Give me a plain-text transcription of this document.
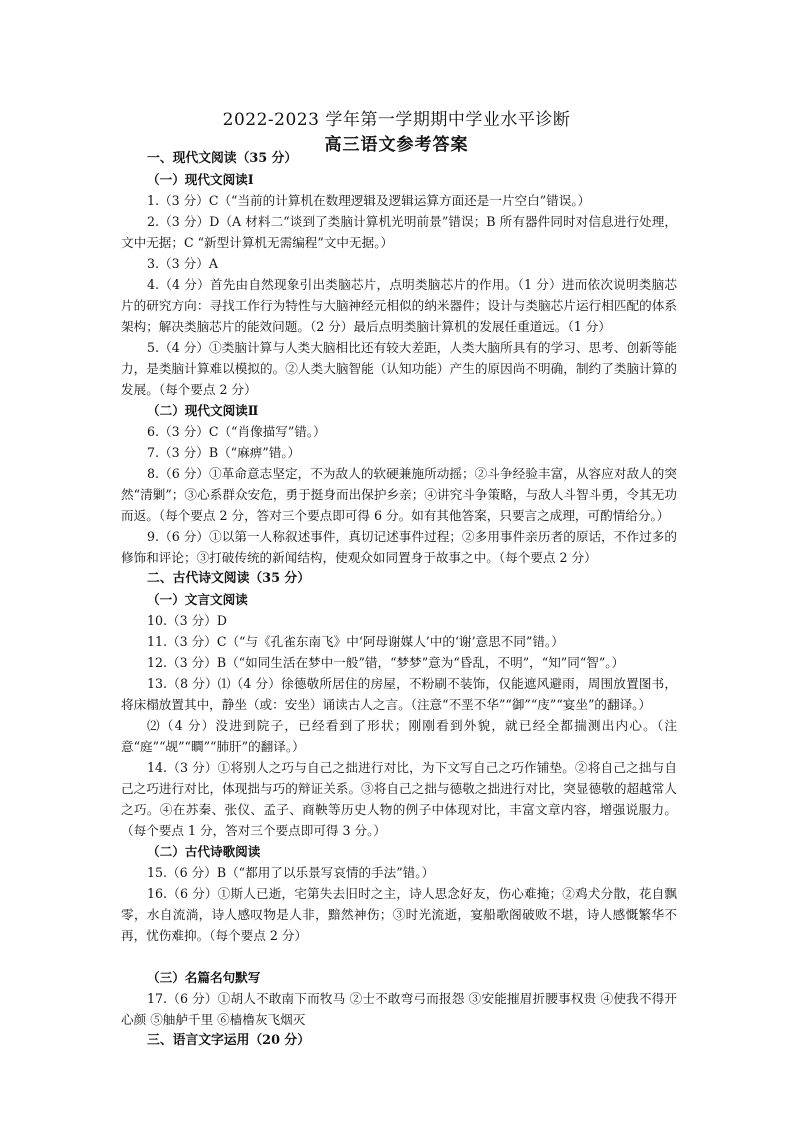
2022-2023 学年第一学期期中学业水平诊断
高三语文参考答案
一、现代文阅读（35 分）
（一）现代文阅读Ⅰ

1.（3 分）C（“当前的计算机在数理逻辑及逻辑运算方面还是一片空白”错误。）

2.（3 分）D（A 材料二“谈到了类脑计算机光明前景”错误；B 所有器件同时对信息进行处理，文中无据；C “新型计算机无需编程”文中无据。）

3.（3 分）A

4.（4 分）首先由自然现象引出类脑芯片，点明类脑芯片的作用。（1 分）进而依次说明类脑芯片的研究方向：寻找工作行为特性与大脑神经元相似的纳米器件；设计与类脑芯片运行相匹配的体系架构；解决类脑芯片的能效问题。（2 分）最后点明类脑计算机的发展任重道远。（1 分）

5.（4 分）①类脑计算与人类大脑相比还有较大差距，人类大脑所具有的学习、思考、创新等能力，是类脑计算难以模拟的。②人类大脑智能（认知功能）产生的原因尚不明确，制约了类脑计算的发展。（每个要点 2 分）

（二）现代文阅读Ⅱ

6.（3 分）C（“肖像描写”错。）

7.（3 分）B（“麻痹”错。）

8.（6 分）①革命意志坚定，不为敌人的软硬兼施所动摇；②斗争经验丰富，从容应对敌人的突然“清剿”；③心系群众安危，勇于挺身而出保护乡亲；④讲究斗争策略，与敌人斗智斗勇，令其无功而返。（每个要点 2 分，答对三个要点即可得 6 分。如有其他答案，只要言之成理，可酌情给分。）

9.（6 分）①以第一人称叙述事件，真切记述事件过程；②多用事件亲历者的原话，不作过多的修饰和评论；③打破传统的新闻结构，使观众如同置身于故事之中。（每个要点 2 分）

二、古代诗文阅读（35 分）
（一）文言文阅读

10.（3 分）D

11.（3 分）C（“与《孔雀东南飞》中‘阿母谢媒人’中的‘谢’意思不同”错。）

12.（3 分）B（“如同生活在梦中一般”错，“梦梦”意为“昏乱，不明”，“知”同“智”。）

13.（8 分）⑴（4 分）徐德敬所居住的房屋，不粉刷不装饰，仅能遮风避雨，周围放置图书，将床榻放置其中，静坐（或：安坐）诵读古人之言。（注意“不垩不华”“御”“庋”“宴坐”的翻译。）

⑵（4 分）没进到院子，已经看到了形状；刚刚看到外貌，就已经全都揣测出内心。（注意“庭”“觇”“瞷”“肺肝”的翻译。）

14.（3 分）①将别人之巧与自己之拙进行对比，为下文写自己之巧作铺垫。②将自己之拙与自己之巧进行对比，体现拙与巧的辩证关系。③将自己之拙与德敬之拙进行对比，突显德敬的超越常人之巧。④在苏秦、张仪、孟子、商鞅等历史人物的例子中体现对比，丰富文章内容，增强说服力。（每个要点 1 分，答对三个要点即可得 3 分。）

（二）古代诗歌阅读

15.（6 分）B（“都用了以乐景写哀情的手法”错。）

16.（6 分）①斯人已逝，宅第失去旧时之主，诗人思念好友，伤心难掩；②鸡犬分散，花自飘零，水自流淌，诗人感叹物是人非，黯然神伤；③时光流逝，宴船歌阁破败不堪，诗人感慨繁华不再，忧伤难抑。（每个要点 2 分）

（三）名篇名句默写

17.（6 分）①胡人不敢南下而牧马 ②士不敢弯弓而报怨 ③安能摧眉折腰事权贵 ④使我不得开心颜 ⑤舳舻千里 ⑥樯橹灰飞烟灭

三、语言文字运用（20 分）
